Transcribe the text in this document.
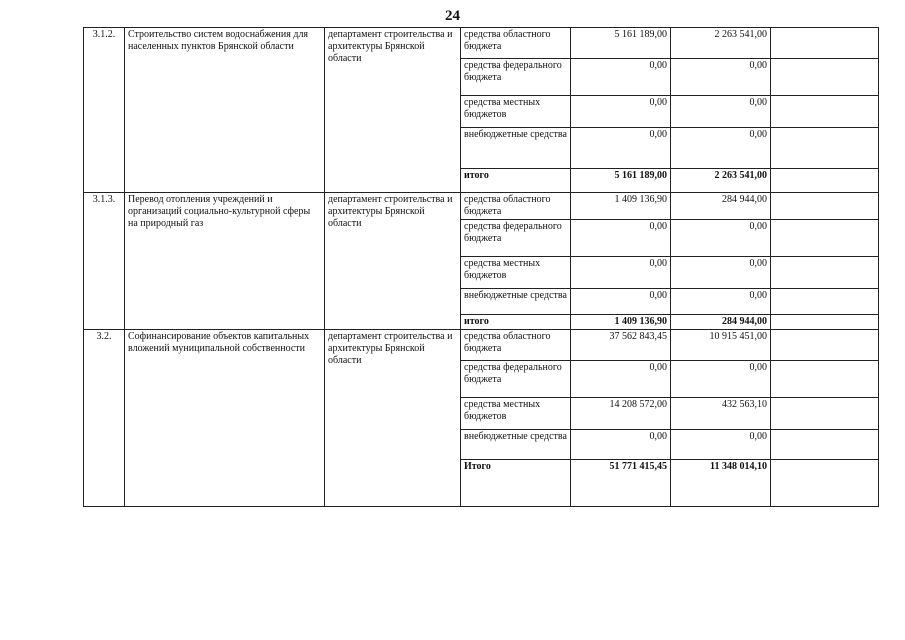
24
3.1.2.	Строительство систем водоснабжения для населенных пунктов Брянской области	департамент строительства и архитектуры Брянской области	средства областного бюджета	5 161 189,00	2 263 541,00	
			средства федерального бюджета	0,00	0,00	
			средства местных бюджетов	0,00	0,00	
			внебюджетные средства	0,00	0,00	
			итого	5 161 189,00	2 263 541,00	
3.1.3.	Перевод отопления учреждений и организаций социально-культурной сферы на природный газ	департамент строительства и архитектуры Брянской области	средства областного бюджета	1 409 136,90	284 944,00	
			средства федерального бюджета	0,00	0,00	
			средства местных бюджетов	0,00	0,00	
			внебюджетные средства	0,00	0,00	
			итого	1 409 136,90	284 944,00	
3.2.	Софинансирование объектов капитальных вложений муниципальной собственности	департамент строительства и архитектуры Брянской области	средства областного бюджета	37 562 843,45	10 915 451,00	
			средства федерального бюджета	0,00	0,00	
			средства местных бюджетов	14 208 572,00	432 563,10	
			внебюджетные средства	0,00	0,00	
			Итого	51 771 415,45	11 348 014,10	
